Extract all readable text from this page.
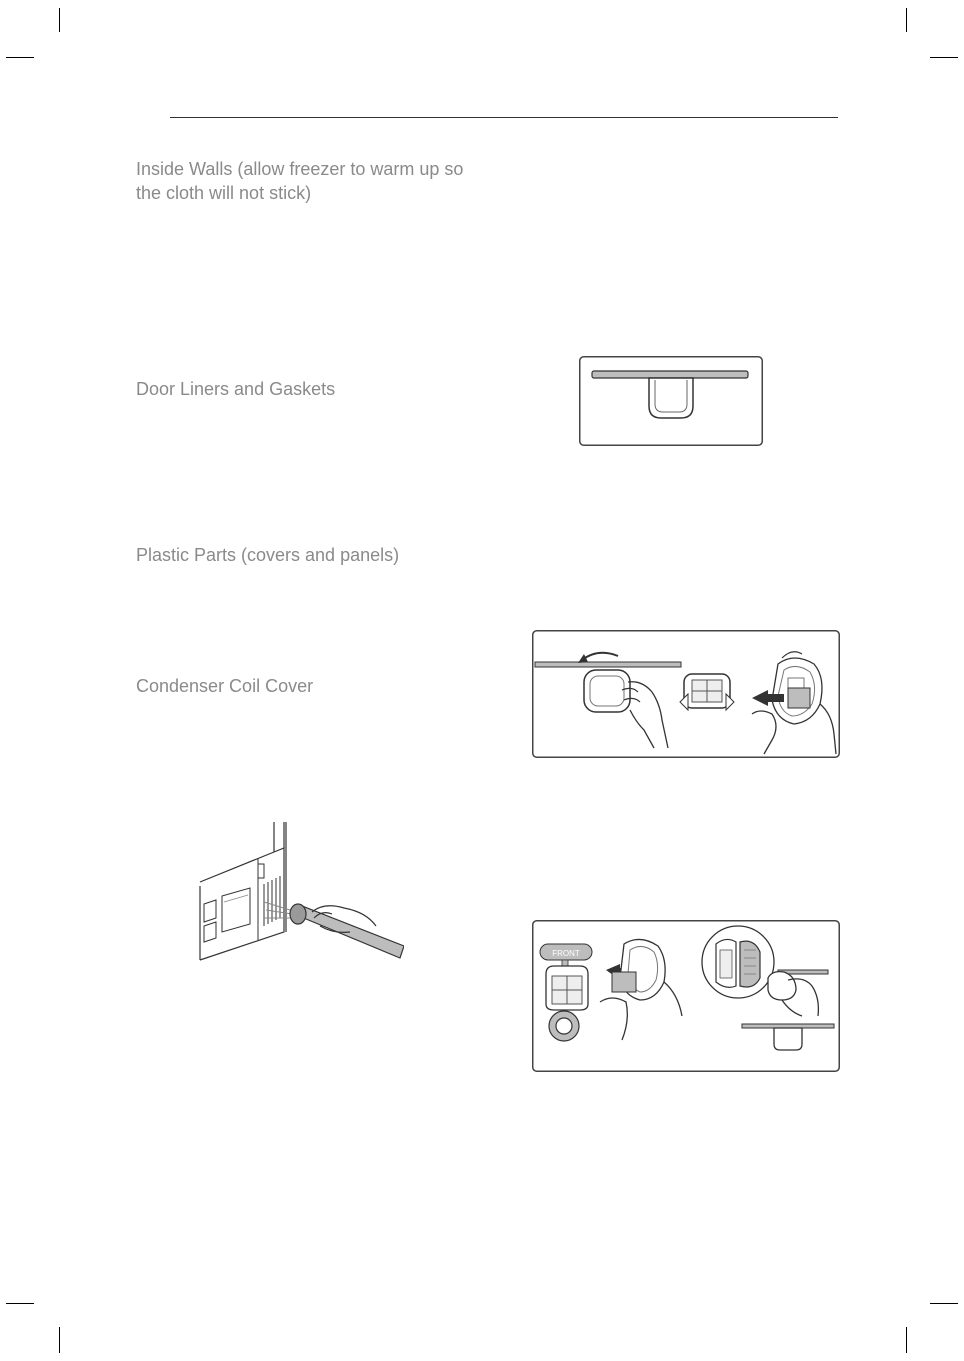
Inside Walls (allow freezer to warm up so the cloth will not stick)
Door Liners and Gaskets
Plastic Parts (covers and panels)
Condenser Coil Cover
FRONT
